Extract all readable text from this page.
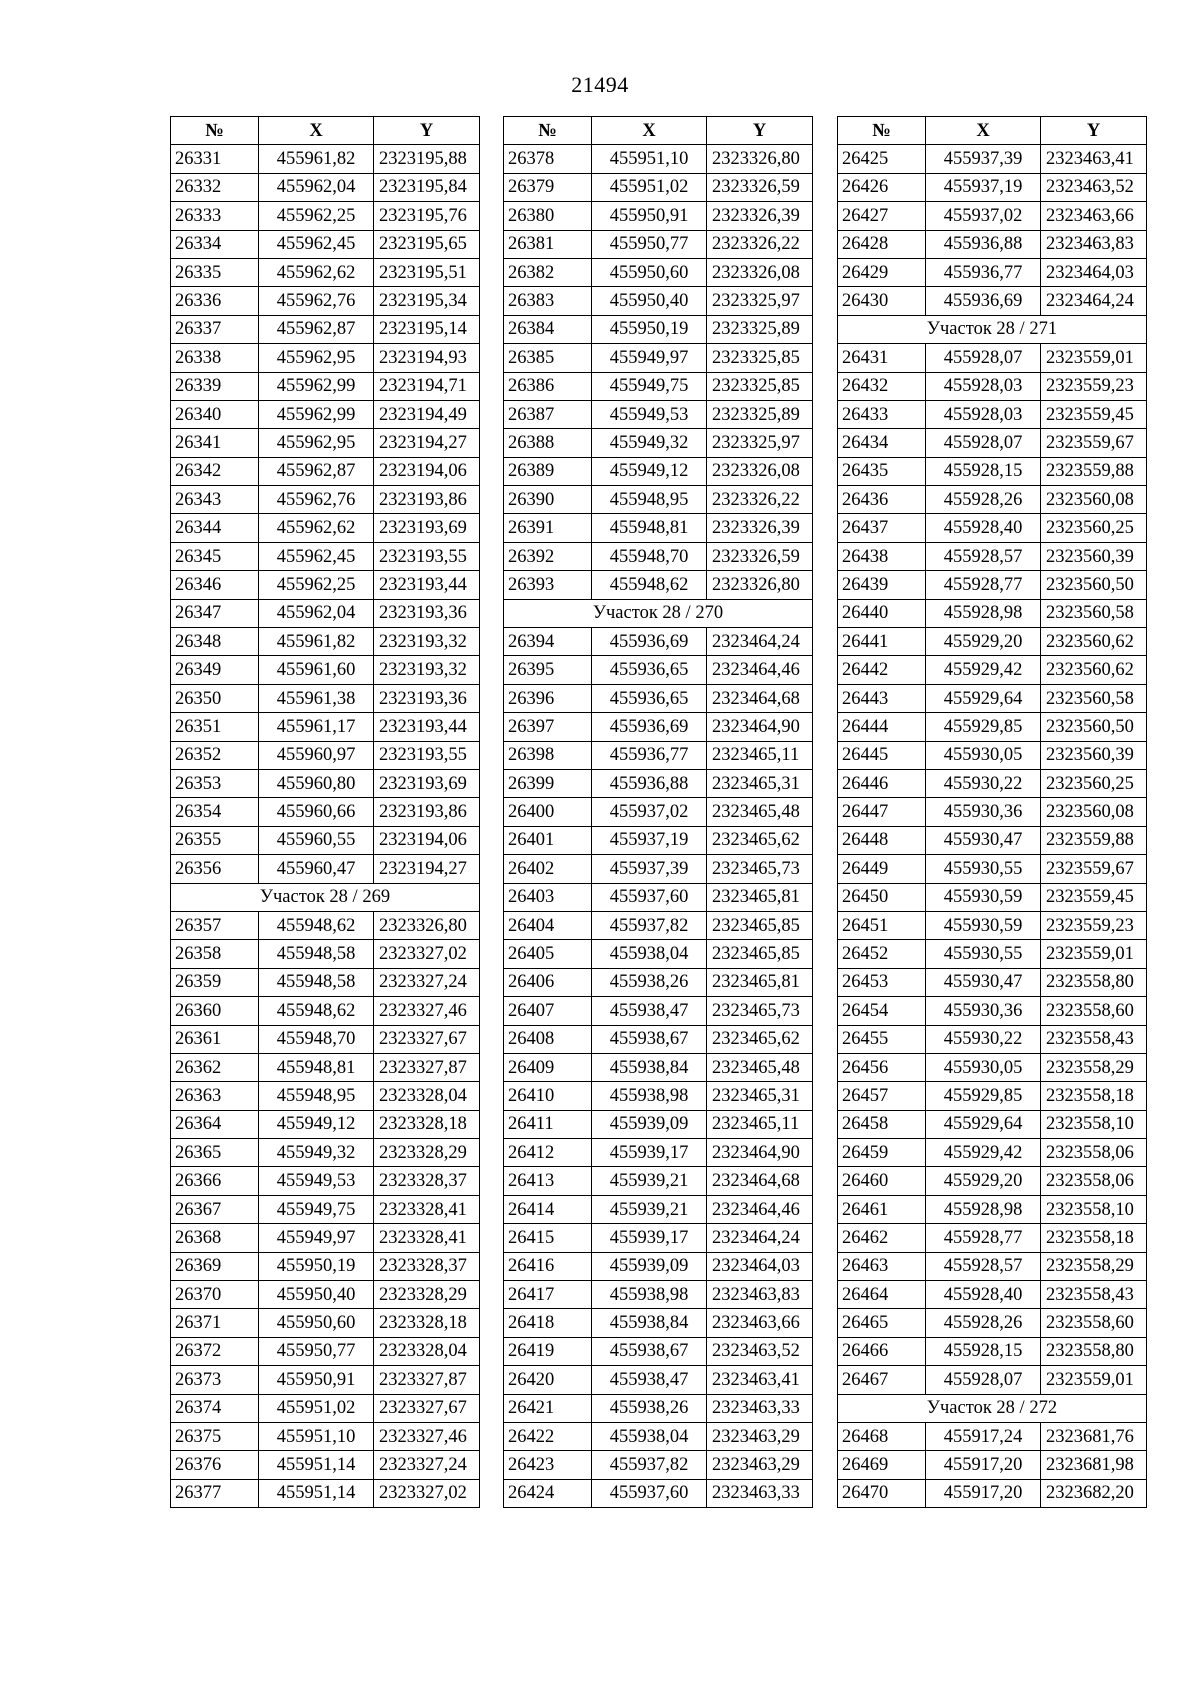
21494
№	X	Y
26331	455961,82	2323195,88
26332	455962,04	2323195,84
26333	455962,25	2323195,76
26334	455962,45	2323195,65
26335	455962,62	2323195,51
26336	455962,76	2323195,34
26337	455962,87	2323195,14
26338	455962,95	2323194,93
26339	455962,99	2323194,71
26340	455962,99	2323194,49
26341	455962,95	2323194,27
26342	455962,87	2323194,06
26343	455962,76	2323193,86
26344	455962,62	2323193,69
26345	455962,45	2323193,55
26346	455962,25	2323193,44
26347	455962,04	2323193,36
26348	455961,82	2323193,32
26349	455961,60	2323193,32
26350	455961,38	2323193,36
26351	455961,17	2323193,44
26352	455960,97	2323193,55
26353	455960,80	2323193,69
26354	455960,66	2323193,86
26355	455960,55	2323194,06
26356	455960,47	2323194,27
Участок 28 / 269		
26357	455948,62	2323326,80
26358	455948,58	2323327,02
26359	455948,58	2323327,24
26360	455948,62	2323327,46
26361	455948,70	2323327,67
26362	455948,81	2323327,87
26363	455948,95	2323328,04
26364	455949,12	2323328,18
26365	455949,32	2323328,29
26366	455949,53	2323328,37
26367	455949,75	2323328,41
26368	455949,97	2323328,41
26369	455950,19	2323328,37
26370	455950,40	2323328,29
26371	455950,60	2323328,18
26372	455950,77	2323328,04
26373	455950,91	2323327,87
26374	455951,02	2323327,67
26375	455951,10	2323327,46
26376	455951,14	2323327,24
26377	455951,14	2323327,02
№	X	Y
26378	455951,10	2323326,80
26379	455951,02	2323326,59
26380	455950,91	2323326,39
26381	455950,77	2323326,22
26382	455950,60	2323326,08
26383	455950,40	2323325,97
26384	455950,19	2323325,89
26385	455949,97	2323325,85
26386	455949,75	2323325,85
26387	455949,53	2323325,89
26388	455949,32	2323325,97
26389	455949,12	2323326,08
26390	455948,95	2323326,22
26391	455948,81	2323326,39
26392	455948,70	2323326,59
26393	455948,62	2323326,80
Участок 28 / 270		
26394	455936,69	2323464,24
26395	455936,65	2323464,46
26396	455936,65	2323464,68
26397	455936,69	2323464,90
26398	455936,77	2323465,11
26399	455936,88	2323465,31
26400	455937,02	2323465,48
26401	455937,19	2323465,62
26402	455937,39	2323465,73
26403	455937,60	2323465,81
26404	455937,82	2323465,85
26405	455938,04	2323465,85
26406	455938,26	2323465,81
26407	455938,47	2323465,73
26408	455938,67	2323465,62
26409	455938,84	2323465,48
26410	455938,98	2323465,31
26411	455939,09	2323465,11
26412	455939,17	2323464,90
26413	455939,21	2323464,68
26414	455939,21	2323464,46
26415	455939,17	2323464,24
26416	455939,09	2323464,03
26417	455938,98	2323463,83
26418	455938,84	2323463,66
26419	455938,67	2323463,52
26420	455938,47	2323463,41
26421	455938,26	2323463,33
26422	455938,04	2323463,29
26423	455937,82	2323463,29
26424	455937,60	2323463,33
№	X	Y
26425	455937,39	2323463,41
26426	455937,19	2323463,52
26427	455937,02	2323463,66
26428	455936,88	2323463,83
26429	455936,77	2323464,03
26430	455936,69	2323464,24
Участок 28 / 271		
26431	455928,07	2323559,01
26432	455928,03	2323559,23
26433	455928,03	2323559,45
26434	455928,07	2323559,67
26435	455928,15	2323559,88
26436	455928,26	2323560,08
26437	455928,40	2323560,25
26438	455928,57	2323560,39
26439	455928,77	2323560,50
26440	455928,98	2323560,58
26441	455929,20	2323560,62
26442	455929,42	2323560,62
26443	455929,64	2323560,58
26444	455929,85	2323560,50
26445	455930,05	2323560,39
26446	455930,22	2323560,25
26447	455930,36	2323560,08
26448	455930,47	2323559,88
26449	455930,55	2323559,67
26450	455930,59	2323559,45
26451	455930,59	2323559,23
26452	455930,55	2323559,01
26453	455930,47	2323558,80
26454	455930,36	2323558,60
26455	455930,22	2323558,43
26456	455930,05	2323558,29
26457	455929,85	2323558,18
26458	455929,64	2323558,10
26459	455929,42	2323558,06
26460	455929,20	2323558,06
26461	455928,98	2323558,10
26462	455928,77	2323558,18
26463	455928,57	2323558,29
26464	455928,40	2323558,43
26465	455928,26	2323558,60
26466	455928,15	2323558,80
26467	455928,07	2323559,01
Участок 28 / 272		
26468	455917,24	2323681,76
26469	455917,20	2323681,98
26470	455917,20	2323682,20
